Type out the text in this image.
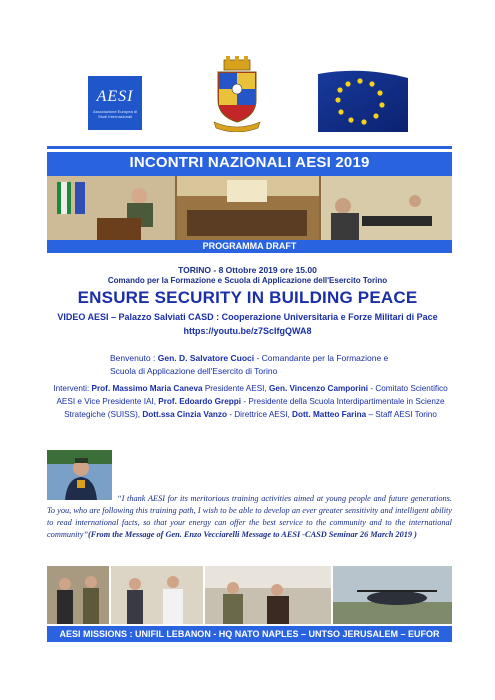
AESI
Associazione Europea di Studi Internazionali
INCONTRI NAZIONALI AESI 2019
PROGRAMMA DRAFT
TORINO - 8 Ottobre 2019 ore 15.00
Comando per la Formazione e Scuola di Applicazione dell'Esercito Torino
ENSURE SECURITY IN BUILDING PEACE
VIDEO AESI – Palazzo Salviati CASD : Cooperazione Universitaria e Forze Militari di Pace
https://youtu.be/z7ScIfgQWA8
Benvenuto : Gen. D. Salvatore Cuoci - Comandante per la Formazione e Scuola di Applicazione dell'Esercito di Torino
Interventi: Prof. Massimo Maria Caneva Presidente AESI, Gen. Vincenzo Camporini - Comitato Scientifico AESI e Vice Presidente IAI, Prof. Edoardo Greppi - Presidente della Scuola Interdipartimentale in Scienze Strategiche (SUISS), Dott.ssa Cinzia Vanzo - Direttrice AESI, Dott. Matteo Farina – Staff AESI Torino
“I thank AESI for its meritorious training activities aimed at young people and future generations. To you, who are following this training path, I wish to be able to develop an ever greater sensitivity and intelligent ability to read international facts, so that your energy can offer the best service to the community and to the international community”(From the Message of Gen. Enzo Vecciarelli Message to AESI -CASD Seminar 26 March 2019 )
AESI MISSIONS : UNIFIL LEBANON - HQ NATO NAPLES – UNTSO JERUSALEM – EUFOR SARAJEVO
